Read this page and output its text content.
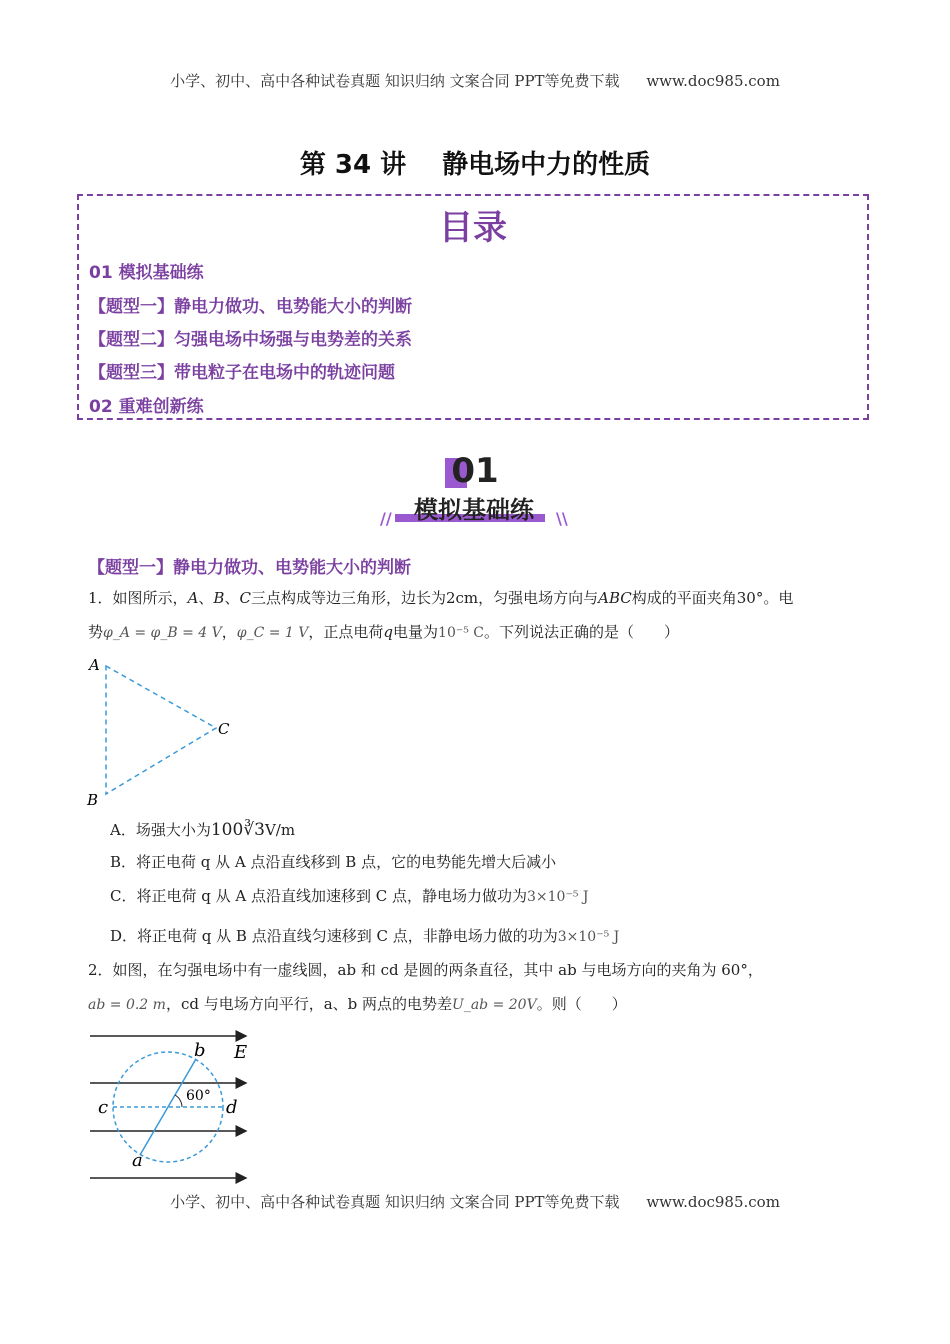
小学、初中、高中各种试卷真题 知识归纳 文案合同 PPT等免费下载 www.doc985.com
第 34 讲 静电场中力的性质
目录
01 模拟基础练
【题型一】静电力做功、电势能大小的判断
【题型二】匀强电场中场强与电势差的关系
【题型三】带电粒子在电场中的轨迹问题
02 重难创新练
01
//	\\
模拟基础练
【题型一】静电力做功、电势能大小的判断
1．如图所示，A、B、C三点构成等边三角形，边长为2cm，匀强电场方向与ABC构成的平面夹角30°。电
势φ_A = φ_B = 4 V，φ_C = 1 V，正点电荷q电量为10⁻⁵ C。下列说法正确的是（　　）
A
C
B
A．场强大小为100∛3V/m
B．将正电荷 q 从 A 点沿直线移到 B 点，它的电势能先增大后减小
C．将正电荷 q 从 A 点沿直线加速移到 C 点，静电场力做功为3×10⁻⁵ J
D．将正电荷 q 从 B 点沿直线匀速移到 C 点，非静电场力做的功为3×10⁻⁵ J
2．如图，在匀强电场中有一虚线圆，ab 和 cd 是圆的两条直径，其中 ab 与电场方向的夹角为 60°，
ab = 0.2 m，cd 与电场方向平行，a、b 两点的电势差U_ab = 20V。则（　　）
60°
b E
c	d
a
小学、初中、高中各种试卷真题 知识归纳 文案合同 PPT等免费下载 www.doc985.com
